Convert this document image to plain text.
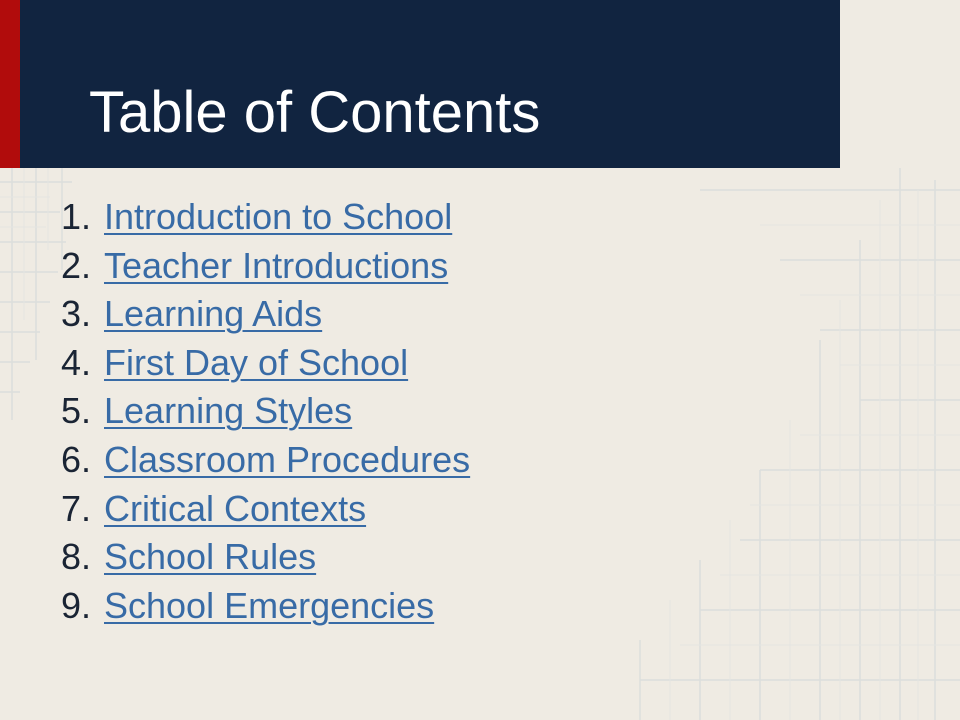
Table of Contents
1. Introduction to School
2. Teacher Introductions
3. Learning Aids
4. First Day of School
5. Learning Styles
6. Classroom Procedures
7. Critical Contexts
8. School Rules
9. School Emergencies
